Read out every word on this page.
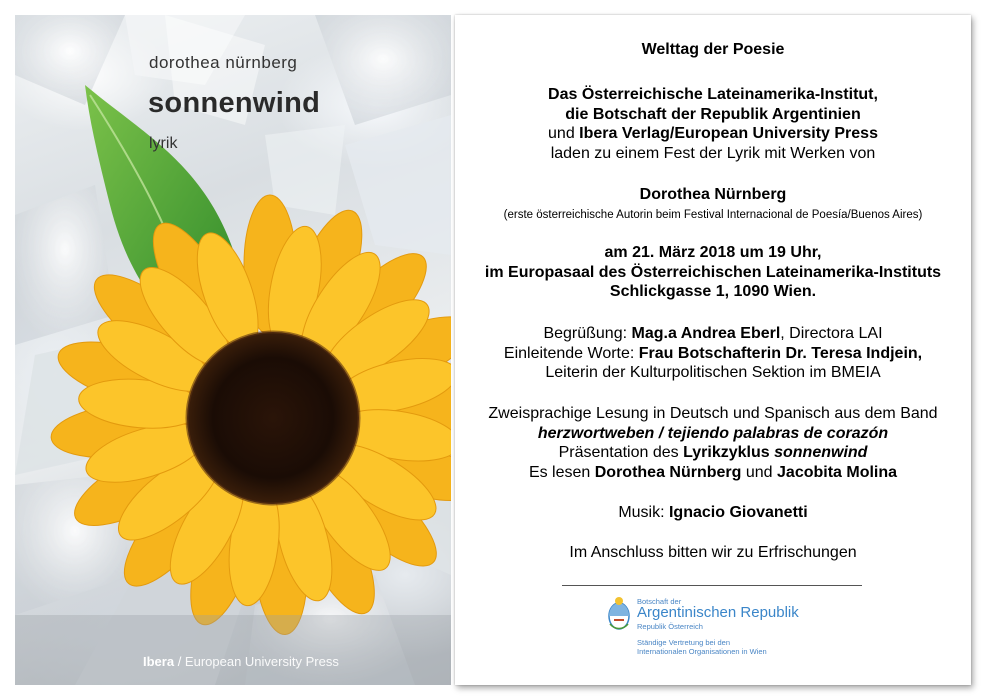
dorothea nürnberg
sonnenwind
lyrik
Ibera / European University Press
Welttag der Poesie
Das Österreichische Lateinamerika-Institut,
die Botschaft der Republik Argentinien
und Ibera Verlag/European University Press
laden zu einem Fest der Lyrik mit Werken von
Dorothea Nürnberg
(erste österreichische Autorin beim Festival Internacional de Poesía/Buenos Aires)
am 21. März 2018 um 19 Uhr,
im Europasaal des Österreichischen Lateinamerika-Instituts
Schlickgasse 1, 1090 Wien.
Begrüßung: Mag.a Andrea Eberl, Directora LAI
Einleitende Worte: Frau Botschafterin Dr. Teresa Indjein,
Leiterin der Kulturpolitischen Sektion im BMEIA
Zweisprachige Lesung in Deutsch und Spanisch aus dem Band
herzwortweben / tejiendo palabras de corazón
Präsentation des Lyrikzyklus sonnenwind
Es lesen Dorothea Nürnberg und Jacobita Molina
Musik: Ignacio Giovanetti
Im Anschluss bitten wir zu Erfrischungen
Botschaft der
Argentinischen Republik
Republik Österreich
Ständige Vertretung bei den
Internationalen Organisationen in Wien
